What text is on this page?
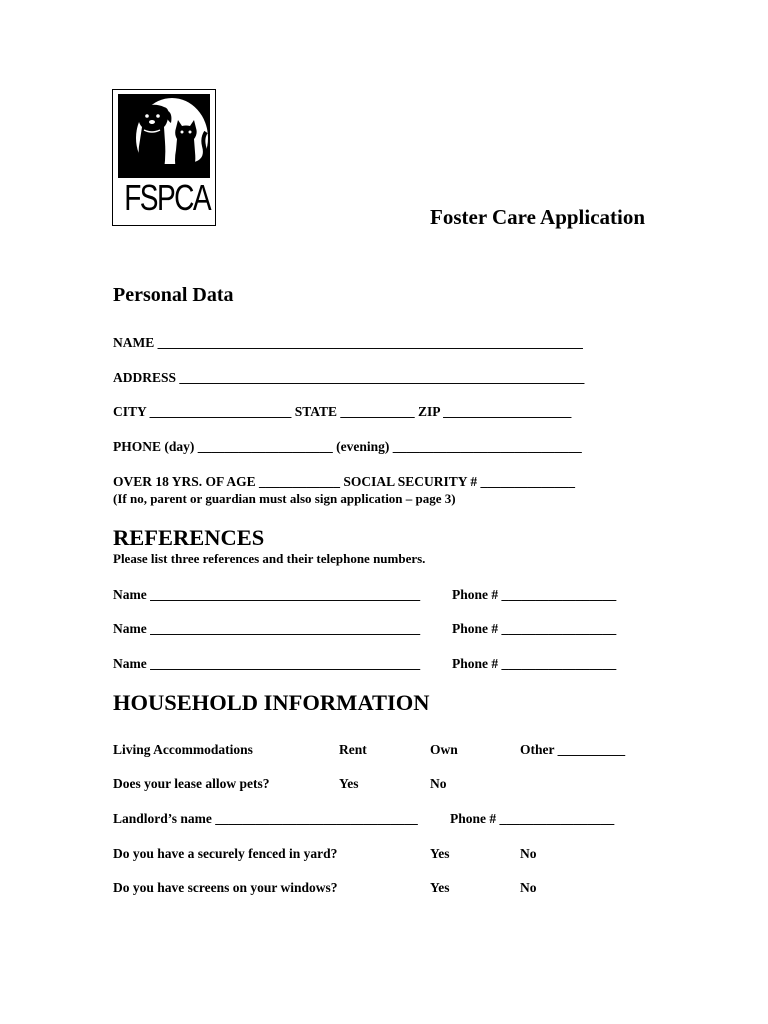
FSPCA	Foster Care Application
Personal Data
NAME _______________________________________________________________
ADDRESS ____________________________________________________________
CITY _____________________ STATE ___________ ZIP ___________________
PHONE (day) ____________________ (evening) ____________________________
OVER 18 YRS. OF AGE ____________ SOCIAL SECURITY # ______________
(If no, parent or guardian must also sign application – page 3)
REFERENCES
Please list three references and their telephone numbers.
Name ________________________________________ Phone # _________________
Name ________________________________________ Phone # _________________
Name ________________________________________ Phone # _________________
HOUSEHOLD INFORMATION
Living Accommodations	Rent	Own	Other __________
Does your lease allow pets?	Yes	No
Landlord’s name ______________________________ Phone # _________________
Do you have a securely fenced in yard?	Yes	No
Do you have screens on your windows?	Yes	No
